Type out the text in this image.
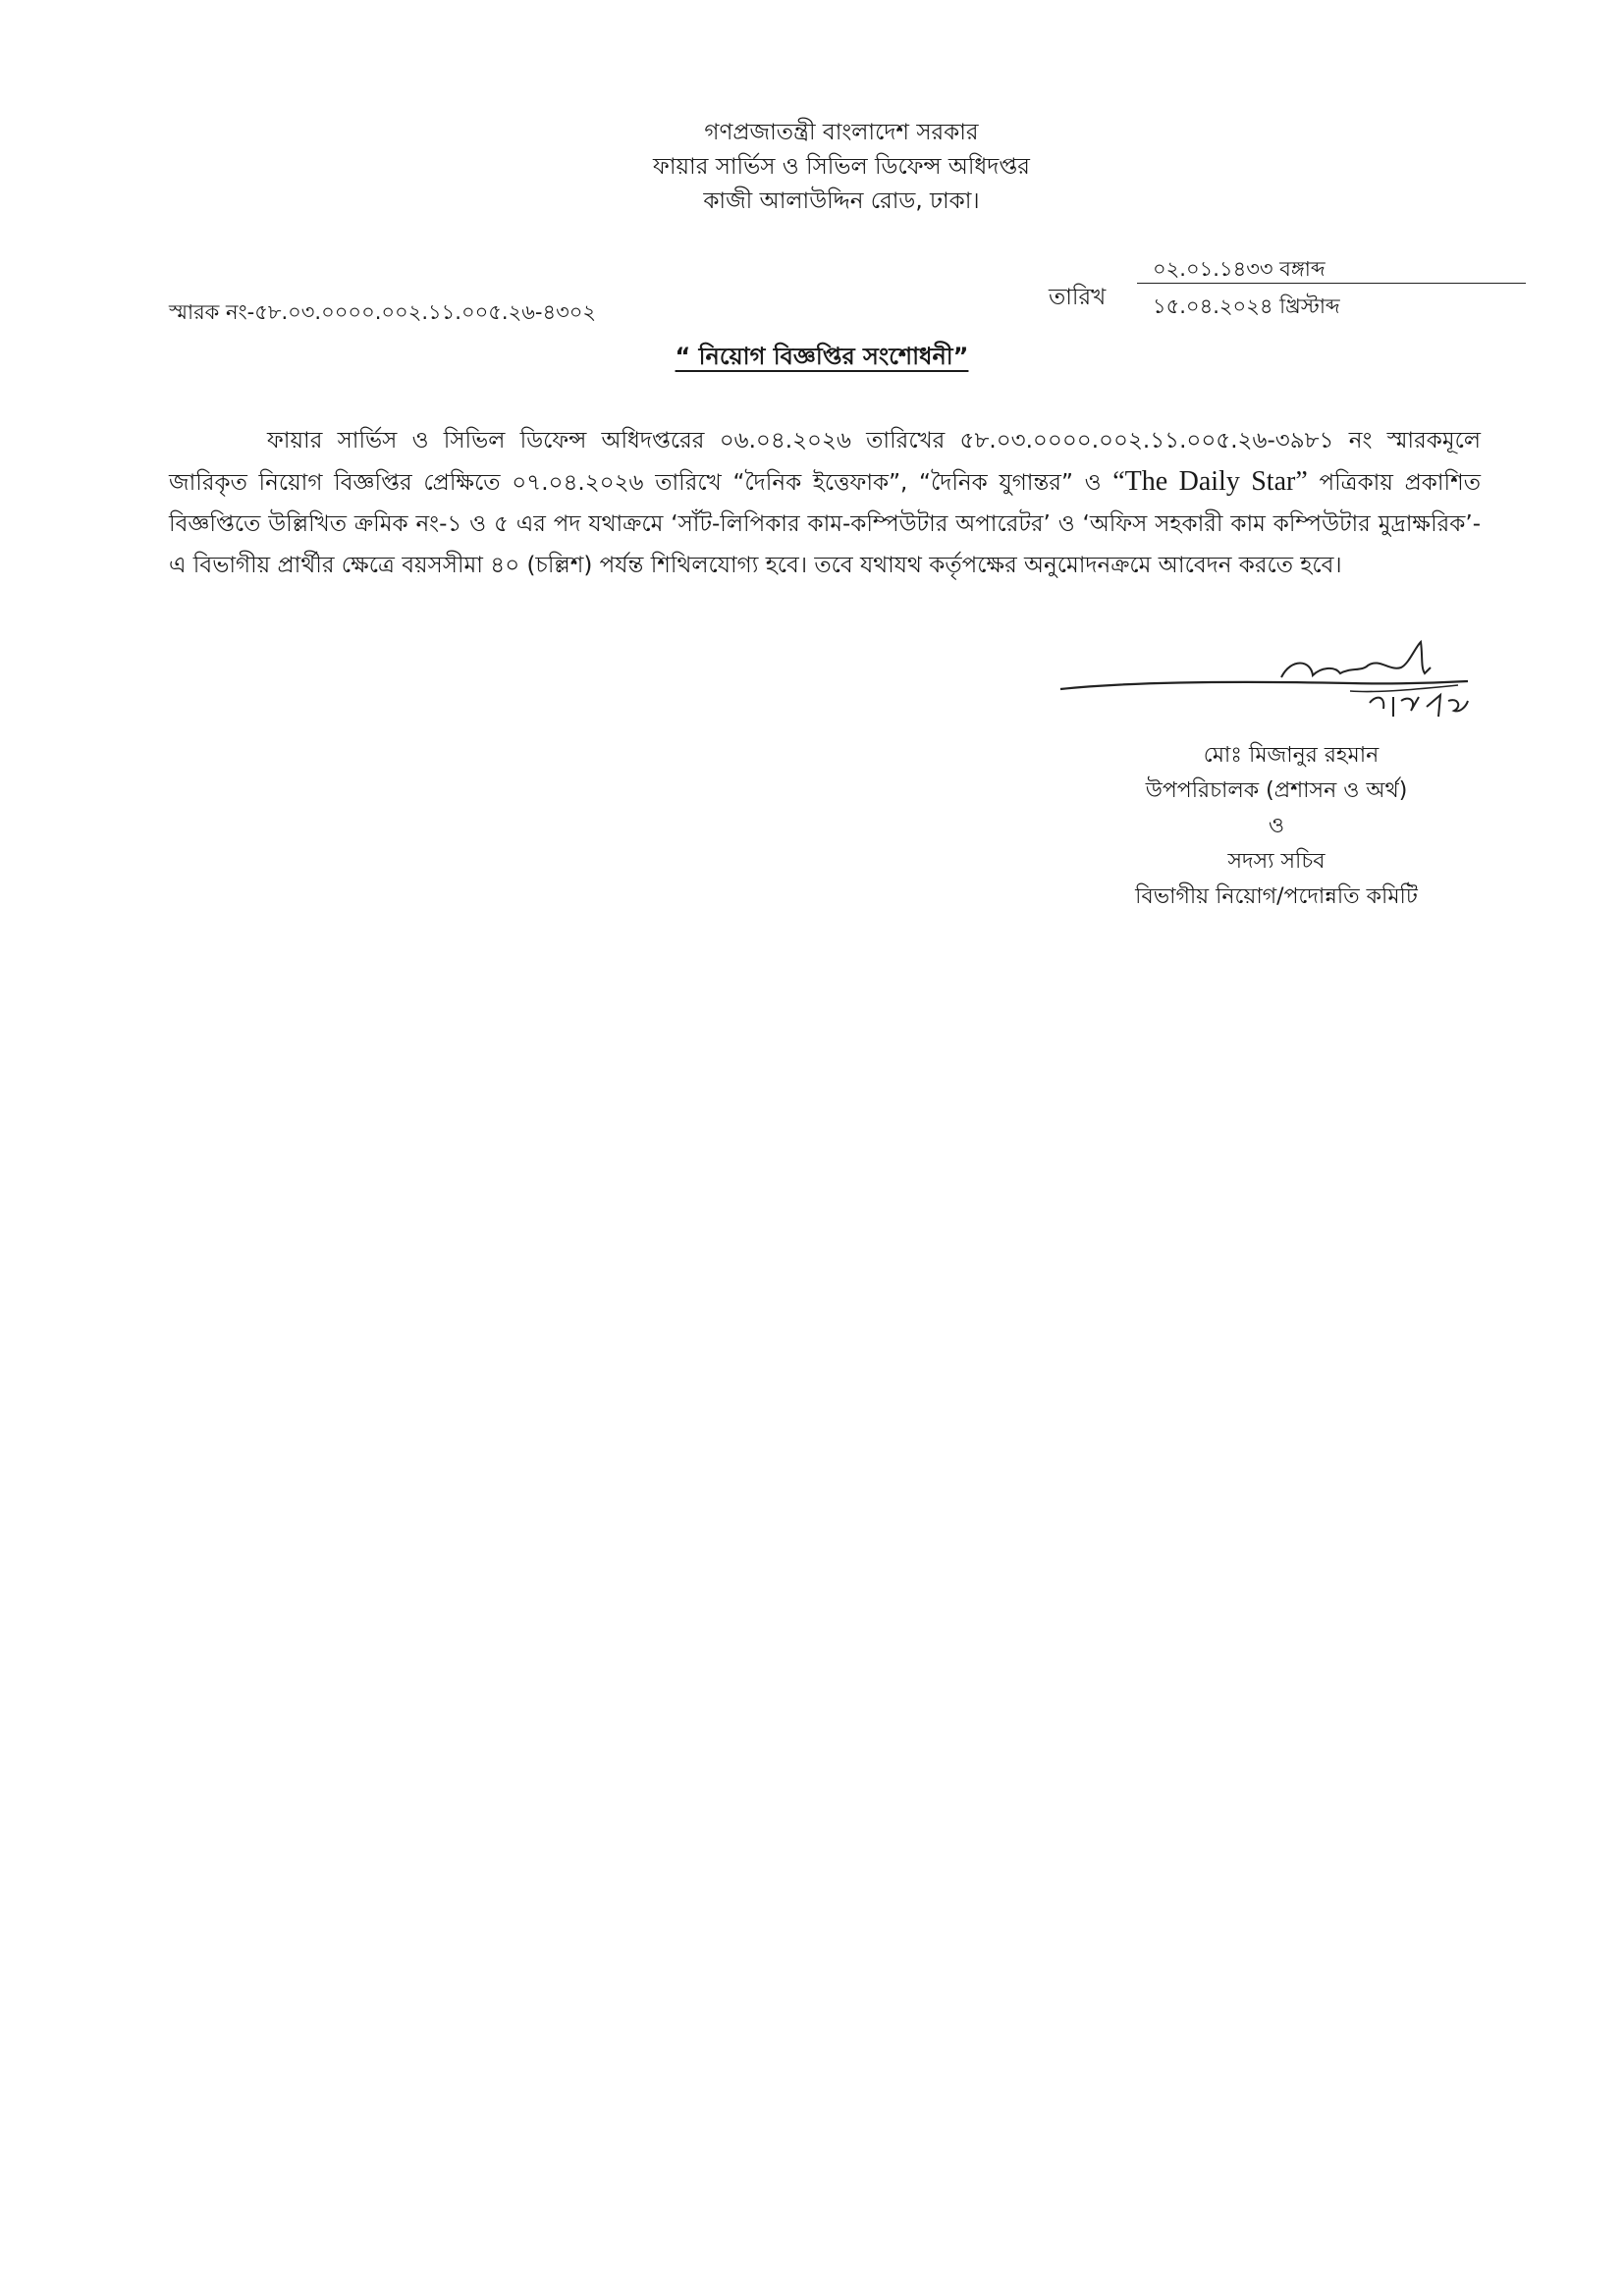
গণপ্রজাতন্ত্রী বাংলাদেশ সরকার
ফায়ার সার্ভিস ও সিভিল ডিফেন্স অধিদপ্তর
কাজী আলাউদ্দিন রোড, ঢাকা।
তারিখ
০২.০১.১৪৩৩ বঙ্গাব্দ
১৫.০৪.২০২৪ খ্রিস্টাব্দ
স্মারক নং-৫৮.০৩.০০০০.০০২.১১.০০৫.২৬-৪৩০২
“ নিয়োগ বিজ্ঞপ্তির সংশোধনী”
ফায়ার সার্ভিস ও সিভিল ডিফেন্স অধিদপ্তরের ০৬.০৪.২০২৬ তারিখের ৫৮.০৩.০০০০.০০২.১১.০০৫.২৬-৩৯৮১ নং স্মারকমূলে জারিকৃত নিয়োগ বিজ্ঞপ্তির প্রেক্ষিতে ০৭.০৪.২০২৬ তারিখে “দৈনিক ইত্তেফাক”, “দৈনিক যুগান্তর” ও “The Daily Star” পত্রিকায় প্রকাশিত বিজ্ঞপ্তিতে উল্লিখিত ক্রমিক নং-১ ও ৫ এর পদ যথাক্রমে ‘সাঁট-লিপিকার কাম-কম্পিউটার অপারেটর’ ও ‘অফিস সহকারী কাম কম্পিউটার মুদ্রাক্ষরিক’-এ বিভাগীয় প্রার্থীর ক্ষেত্রে বয়সসীমা ৪০ (চল্লিশ) পর্যন্ত শিথিলযোগ্য হবে। তবে যথাযথ কর্তৃপক্ষের অনুমোদনক্রমে আবেদন করতে হবে।
মোঃ মিজানুর রহমান
উপপরিচালক (প্রশাসন ও অর্থ)
ও
সদস্য সচিব
বিভাগীয় নিয়োগ/পদোন্নতি কমিটি
